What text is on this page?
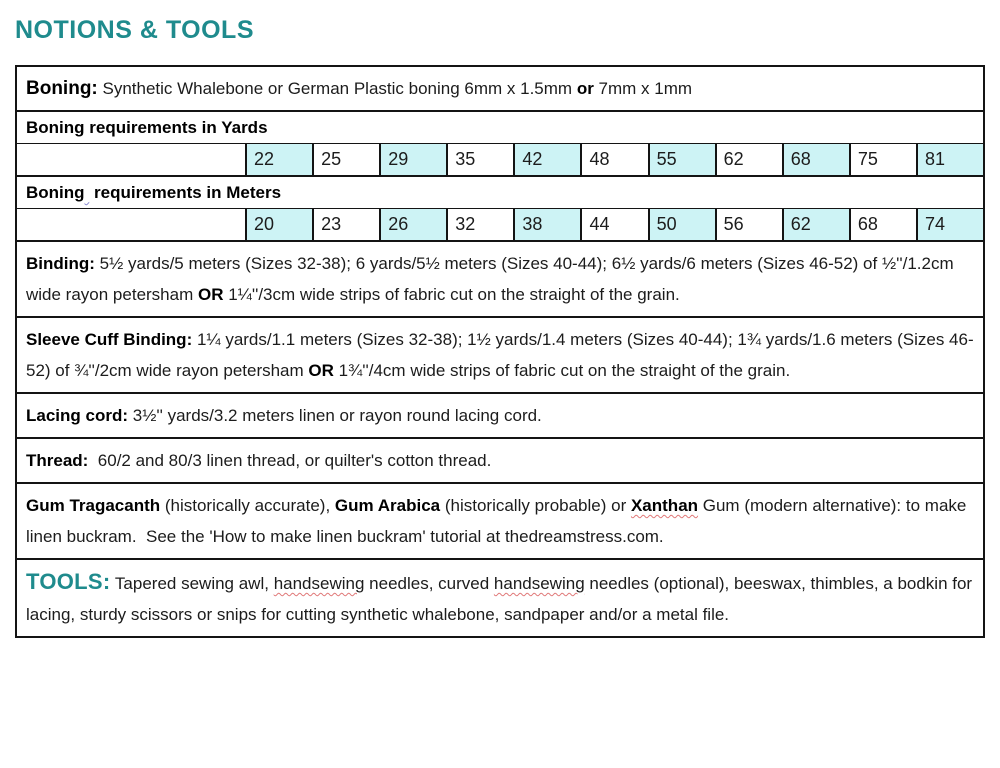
NOTIONS & TOOLS

Boning: Synthetic Whalebone or German Plastic boning 6mm x 1.5mm or 7mm x 1mm

Boning requirements in Yards

22	25	29	35	42	48	55	62	68	75	81

Boning  requirements in Meters

20	23	26	32	38	44	50	56	62	68	74

Binding: 5½ yards/5 meters (Sizes 32-38); 6 yards/5½ meters (Sizes 40-44); 6½ yards/6 meters (Sizes 46-52) of ½''/1.2cm wide rayon petersham OR 1¼''/3cm wide strips of fabric cut on the straight of the grain.

Sleeve Cuff Binding: 1¼ yards/1.1 meters (Sizes 32-38); 1½ yards/1.4 meters (Sizes 40-44); 1¾ yards/1.6 meters (Sizes 46-52) of ¾''/2cm wide rayon petersham OR 1¾''/4cm wide strips of fabric cut on the straight of the grain.

Lacing cord: 3½'' yards/3.2 meters linen or rayon round lacing cord.

Thread:  60/2 and 80/3 linen thread, or quilter's cotton thread.

Gum Tragacanth (historically accurate), Gum Arabica (historically probable) or Xanthan Gum (modern alternative): to make linen buckram.  See the 'How to make linen buckram' tutorial at thedreamstress.com.

TOOLS: Tapered sewing awl, handsewing needles, curved handsewing needles (optional), beeswax, thimbles, a bodkin for lacing, sturdy scissors or snips for cutting synthetic whalebone, sandpaper and/or a metal file.
